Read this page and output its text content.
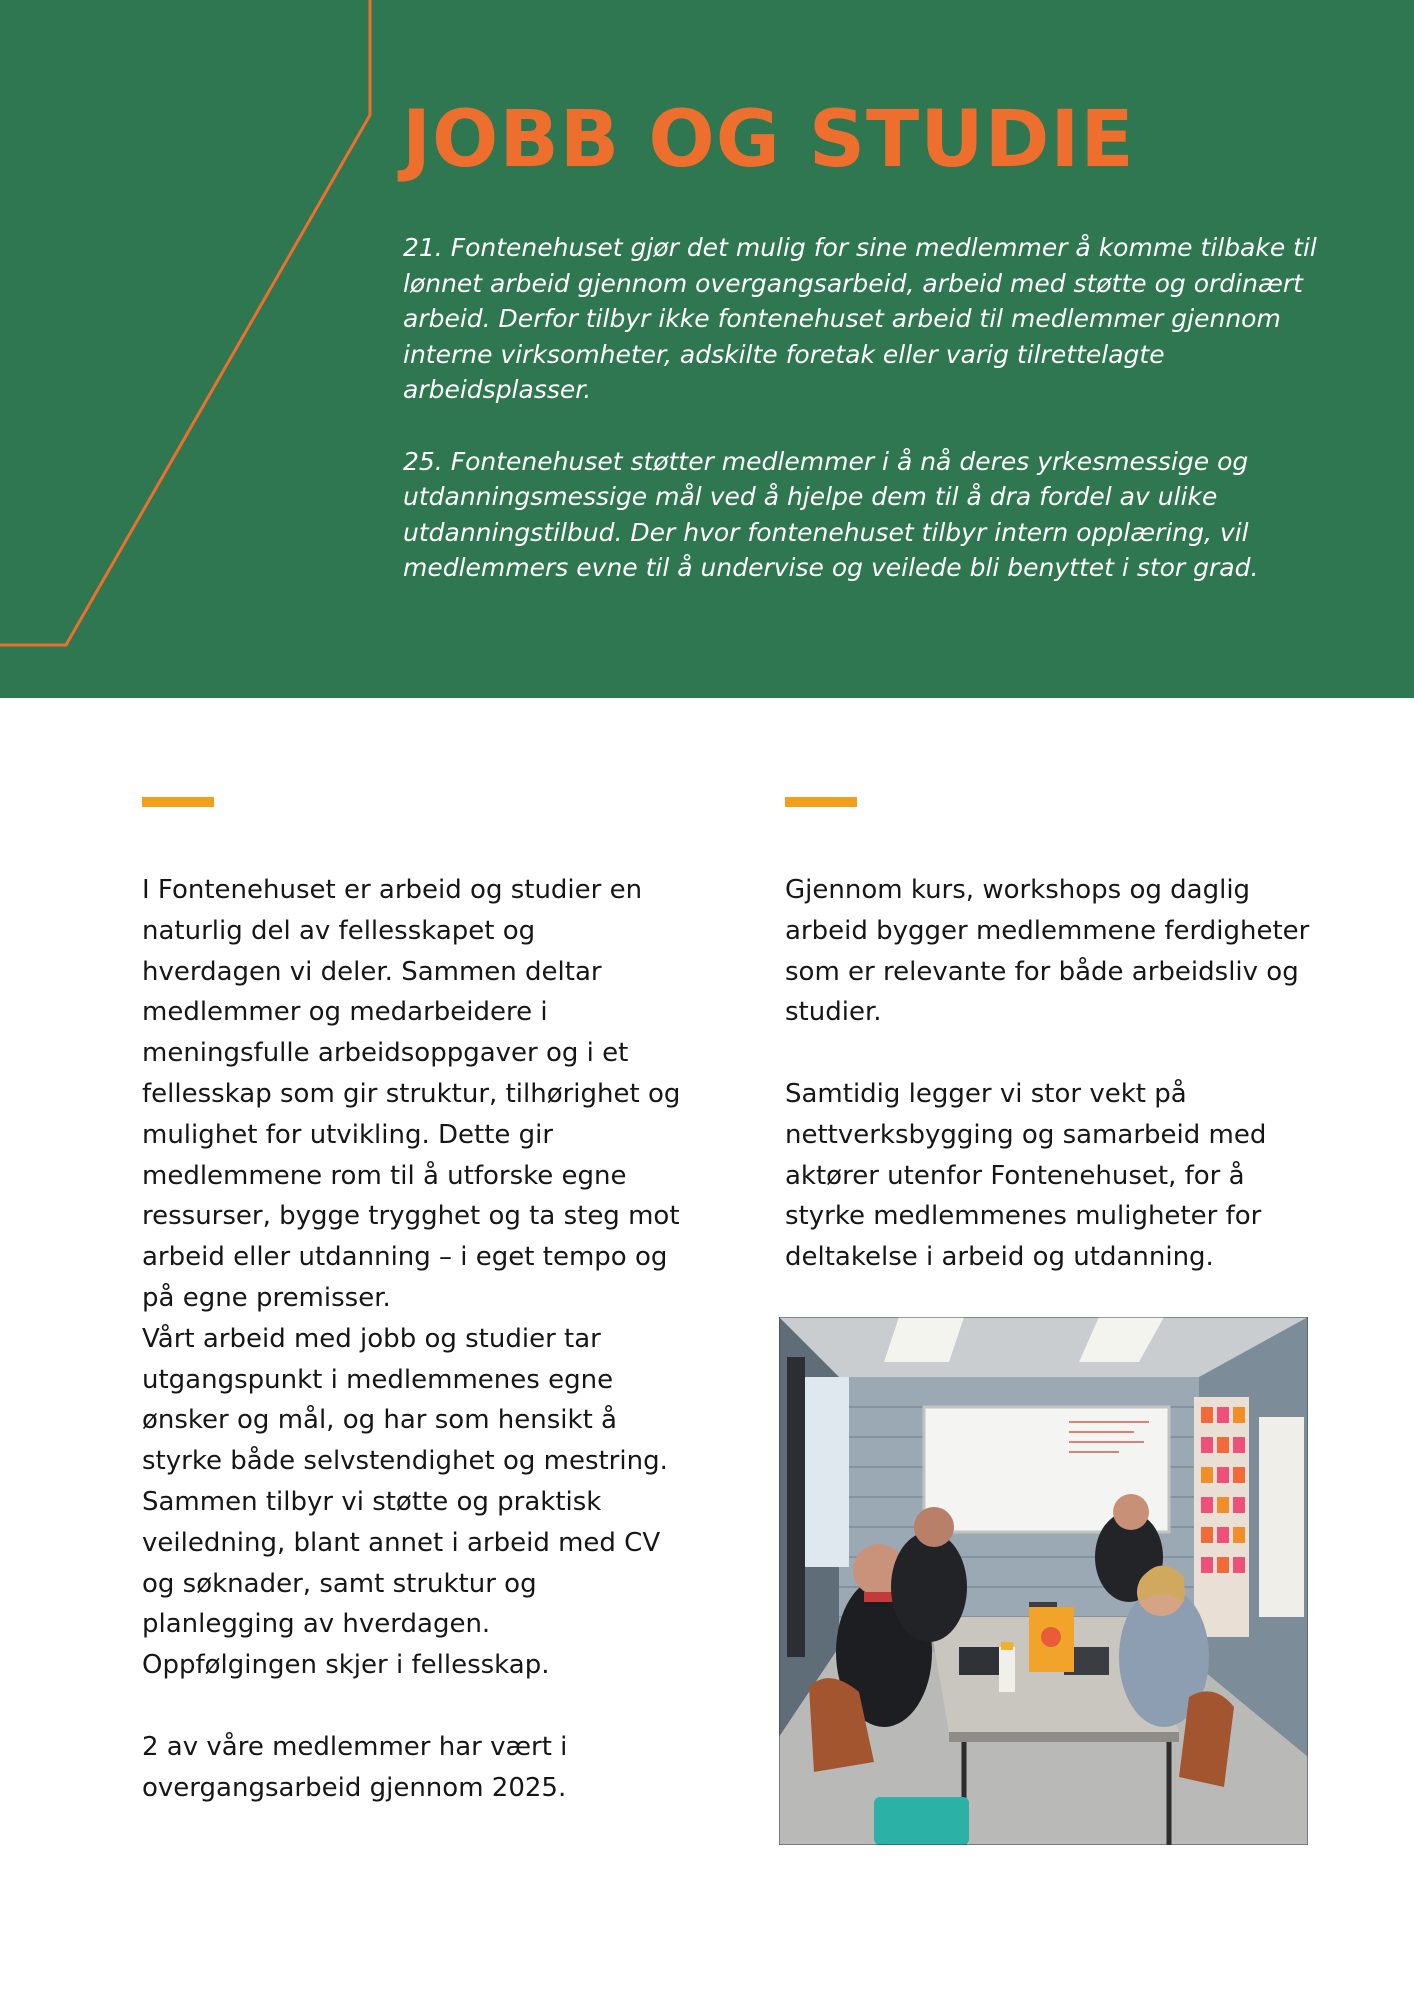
JOBB OG STUDIE

21. Fontenehuset gjør det mulig for sine medlemmer å komme tilbake til lønnet arbeid gjennom overgangsarbeid, arbeid med støtte og ordinært arbeid. Derfor tilbyr ikke fontenehuset arbeid til medlemmer gjennom interne virksomheter, adskilte foretak eller varig tilrettelagte arbeidsplasser.

25. Fontenehuset støtter medlemmer i å nå deres yrkesmessige og utdanningsmessige mål ved å hjelpe dem til å dra fordel av ulike utdanningstilbud. Der hvor fontenehuset tilbyr intern opplæring, vil medlemmers evne til å undervise og veilede bli benyttet i stor grad.

I Fontenehuset er arbeid og studier en naturlig del av fellesskapet og hverdagen vi deler. Sammen deltar medlemmer og medarbeidere i meningsfulle arbeidsoppgaver og i et fellesskap som gir struktur, tilhørighet og mulighet for utvikling. Dette gir medlemmene rom til å utforske egne ressurser, bygge trygghet og ta steg mot arbeid eller utdanning – i eget tempo og på egne premisser.

Vårt arbeid med jobb og studier tar utgangspunkt i medlemmenes egne ønsker og mål, og har som hensikt å styrke både selvstendighet og mestring. Sammen tilbyr vi støtte og praktisk veiledning, blant annet i arbeid med CV og søknader, samt struktur og planlegging av hverdagen.

Oppfølgingen skjer i fellesskap.

2 av våre medlemmer har vært i overgangsarbeid gjennom 2025.

Gjennom kurs, workshops og daglig arbeid bygger medlemmene ferdigheter som er relevante for både arbeidsliv og studier.

Samtidig legger vi stor vekt på nettverksbygging og samarbeid med aktører utenfor Fontenehuset, for å styrke medlemmenes muligheter for deltakelse i arbeid og utdanning.
